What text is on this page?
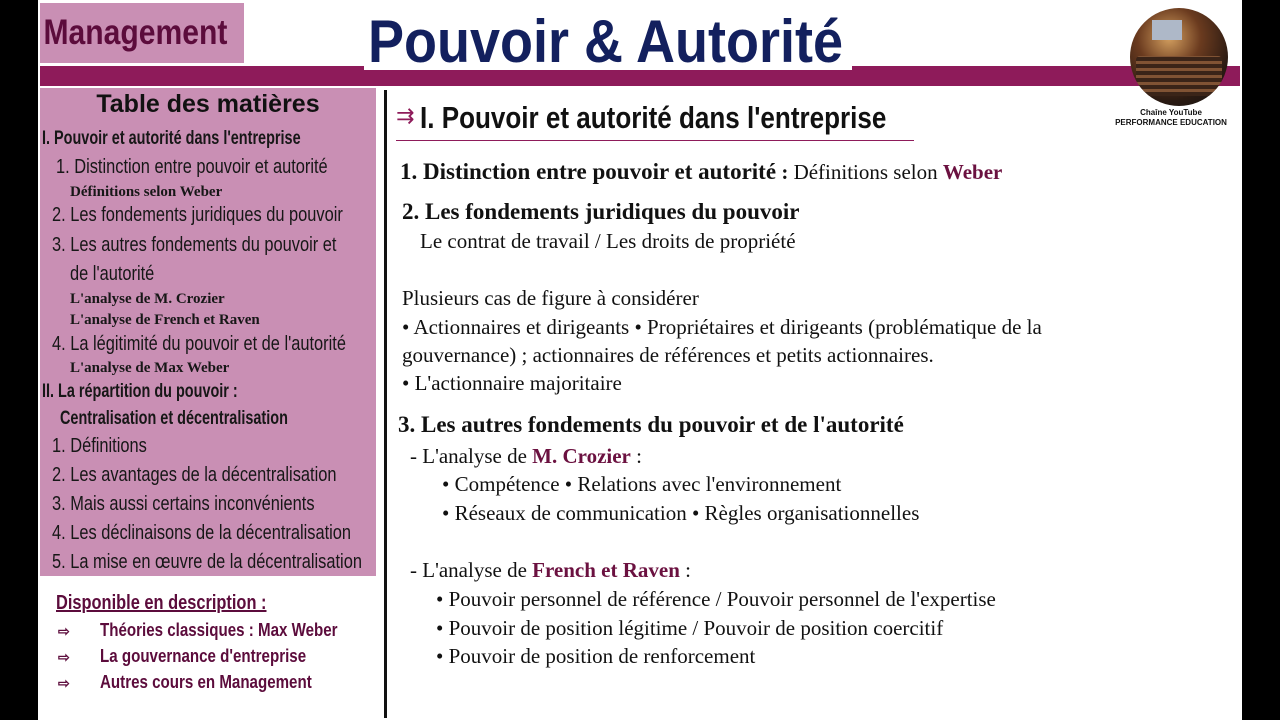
Management Pouvoir & Autorité
Chaîne YouTube
PERFORMANCE EDUCATION
Table des matières
I. Pouvoir et autorité dans l'entreprise
1. Distinction entre pouvoir et autorité
Définitions selon Weber
2. Les fondements juridiques du pouvoir
3. Les autres fondements du pouvoir et
de l'autorité
L'analyse de M. Crozier
L'analyse de French et Raven
4. La légitimité du pouvoir et de l'autorité
L'analyse de Max Weber
II. La répartition du pouvoir :
Centralisation et décentralisation
1. Définitions
2. Les avantages de la décentralisation
3. Mais aussi certains inconvénients
4. Les déclinaisons de la décentralisation
5. La mise en œuvre de la décentralisation
Disponible en description :
⇨ Théories classiques : Max Weber
⇨ La gouvernance d'entreprise
⇨ Autres cours en Management
⇉ I. Pouvoir et autorité dans l'entreprise
1. Distinction entre pouvoir et autorité : Définitions selon Weber
2. Les fondements juridiques du pouvoir
Le contrat de travail / Les droits de propriété
Plusieurs cas de figure à considérer
• Actionnaires et dirigeants • Propriétaires et dirigeants (problématique de la
gouvernance) ; actionnaires de références et petits actionnaires.
• L'actionnaire majoritaire
3. Les autres fondements du pouvoir et de l'autorité
- L'analyse de M. Crozier :
• Compétence • Relations avec l'environnement
• Réseaux de communication • Règles organisationnelles
- L'analyse de French et Raven :
• Pouvoir personnel de référence / Pouvoir personnel de l'expertise
• Pouvoir de position légitime / Pouvoir de position coercitif
• Pouvoir de position de renforcement
